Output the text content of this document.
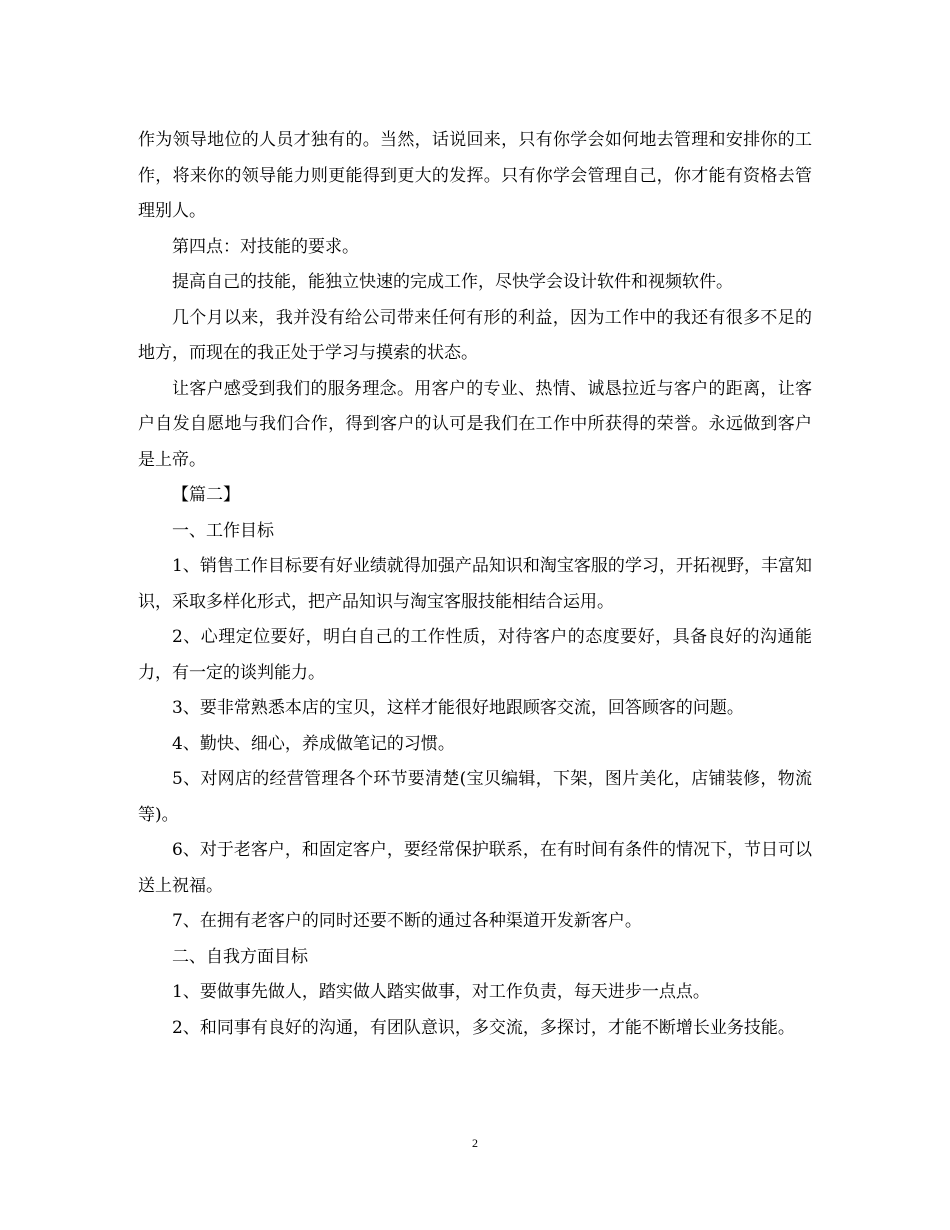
作为领导地位的人员才独有的。当然，话说回来，只有你学会如何地去管理和安排你的工作，将来你的领导能力则更能得到更大的发挥。只有你学会管理自己，你才能有资格去管理别人。

第四点：对技能的要求。

提高自己的技能，能独立快速的完成工作，尽快学会设计软件和视频软件。

几个月以来，我并没有给公司带来任何有形的利益，因为工作中的我还有很多不足的地方，而现在的我正处于学习与摸索的状态。

让客户感受到我们的服务理念。用客户的专业、热情、诚恳拉近与客户的距离，让客户自发自愿地与我们合作，得到客户的认可是我们在工作中所获得的荣誉。永远做到客户是上帝。

【篇二】

一、工作目标

1、销售工作目标要有好业绩就得加强产品知识和淘宝客服的学习，开拓视野，丰富知识，采取多样化形式，把产品知识与淘宝客服技能相结合运用。

2、心理定位要好，明白自己的工作性质，对待客户的态度要好，具备良好的沟通能力，有一定的谈判能力。

3、要非常熟悉本店的宝贝，这样才能很好地跟顾客交流，回答顾客的问题。

4、勤快、细心，养成做笔记的习惯。

5、对网店的经营管理各个环节要清楚(宝贝编辑，下架，图片美化，店铺装修，物流等)。

6、对于老客户，和固定客户，要经常保护联系，在有时间有条件的情况下，节日可以送上祝福。

7、在拥有老客户的同时还要不断的通过各种渠道开发新客户。

二、自我方面目标

1、要做事先做人，踏实做人踏实做事，对工作负责，每天进步一点点。

2、和同事有良好的沟通，有团队意识，多交流，多探讨，才能不断增长业务技能。

2
